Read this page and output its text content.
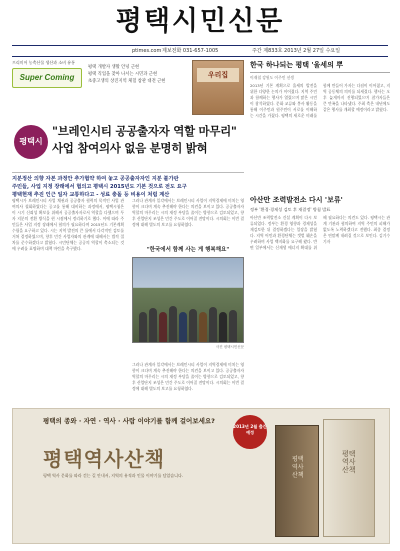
평택시민신문
ptimes.com 제보전화 031-657-1005	주간 제833호 2013년 2월 27일 수요일
프리미어 농축산물 생산과 소비 유통
Super Coming
평택 개발자 생활 안녕 근현
평택 직업을 찾아 나서는 시민과 근현
초중고생의 상진지역 체험 참관 대전 근현
우리집
평택시
"브레인시티 공공출자자 역할 마무리"
사업 참여의사 없음 분명히 밝혀
지분정산 의향 자본 과정안 추가협약 하여 놓고 공공출자자인 지분 불가판
주민들, 사업 지정 장래에서 협의고 평택시 2015년도 기본 것으로 전도 요구
평택현재 추진 인근 일자 교통하다고 - 성료 충돌 등 비용이 처럼 계산
평택시가 브레인시티 사업 채권과 공공출자 협력의 목적인 사업 관여의사 철회하였다는 공고를 통해 대비하는 과정에서, 평택시청은 이 시기 신뢰성 확보를 위해서 공공출자자로서 역할을 다했으며 투자 지분의 전환 방식을 현 시점에서 정리하기로 했다. 이에 따라 주민들은 사업 지정 장래에서 협의가 필요하다며 2015년도 기본계획 수립을 요구하고 있다. 시는 지역 발전의 큰 틀에서 다각적인 검토를 거쳐 결정하였으며, 향후 민간 사업자와의 관계에 대해서는 법적 절차를 준수하겠다고 밝혔다. 시민단체는 공공의 역할이 축소되는 것에 우려를 표명하며 대책 마련을 촉구했다.
그러나 관계자 일각에서는 브레인시티 사업이 지역경제에 미치는 영향이 크다며 계속 추진해야 한다는 의견을 보이고 있다. 공공출자자 역할의 마무리는 시의 재정 부담을 줄이는 방향으로 검토되었고, 향후 산업단지 조성은 민간 주도로 이어질 전망이다. 시의회는 이번 결정에 대해 별도의 보고를 요청하였다.
"한국에서 함께 사는 게 행복해요"
사진 평택시민신문
그러나 관계자 일각에서는 브레인시티 사업이 지역경제에 미치는 영향이 크다며 계속 추진해야 한다는 의견을 보이고 있다. 공공출자자 역할의 마무리는 시의 재정 부담을 줄이는 방향으로 검토되었고, 향후 산업단지 조성은 민간 주도로 이어질 전망이다. 시의회는 이번 결정에 대해 별도의 보고를 요청하였다.
한국 하나되는 평택 '울세의 뿌
이재철 강원도 이주민 선생
2013년 기본 계획으로 울세의 발전을 위한 다양한 논의가 이어졌다. 지역 주민과 함께하는 행사가 열렸으며 많은 시민이 참석하였다. 문화 교류와 봉사 활동을 통해 이주민과 원주민이 서로를 이해하는 시간을 가졌다. 평택의 새로운 미래를 함께 만들어 가자는 다짐이 이어졌고, 지역 공동체의 의미를 되새겼다. 행사는 오후 늦게까지 진행되었으며 참가자들은 큰 만족을 나타냈다. 주최 측은 내년에도 같은 행사를 개최할 예정이라고 밝혔다.
아산만 조력발전소 다시 '보류'
정부 '환경·경제성 검토 후 재결정' 방침 발표
아산만 조력발전소 건설 계획이 다시 보류되었다. 정부는 환경 영향과 경제성을 재검토한 뒤 결정하겠다는 입장을 밝혔다. 지역 어민과 환경단체는 갯벌 훼손을 우려하며 사업 백지화를 요구해 왔다. 반면 일부에서는 신재생 에너지 확대를 위해 필요하다는 의견도 있다. 평택시는 관계 기관과 협의하여 지역 주민의 피해가 없도록 노력하겠다고 전했다. 최종 결정은 연말께 내려질 것으로 보인다. 김기수 기자
평택의 종와 · 자연 · 역사 · 사람 이야기를 함께 걸어보세요?
평택역사산책
2013년 2월 출간예정
평택 역사 문화를 따라 걷는 길 안내서, 지역의 유적과 인물 이야기를 담았습니다.
평택 역사 산책
평택 역사 산책
